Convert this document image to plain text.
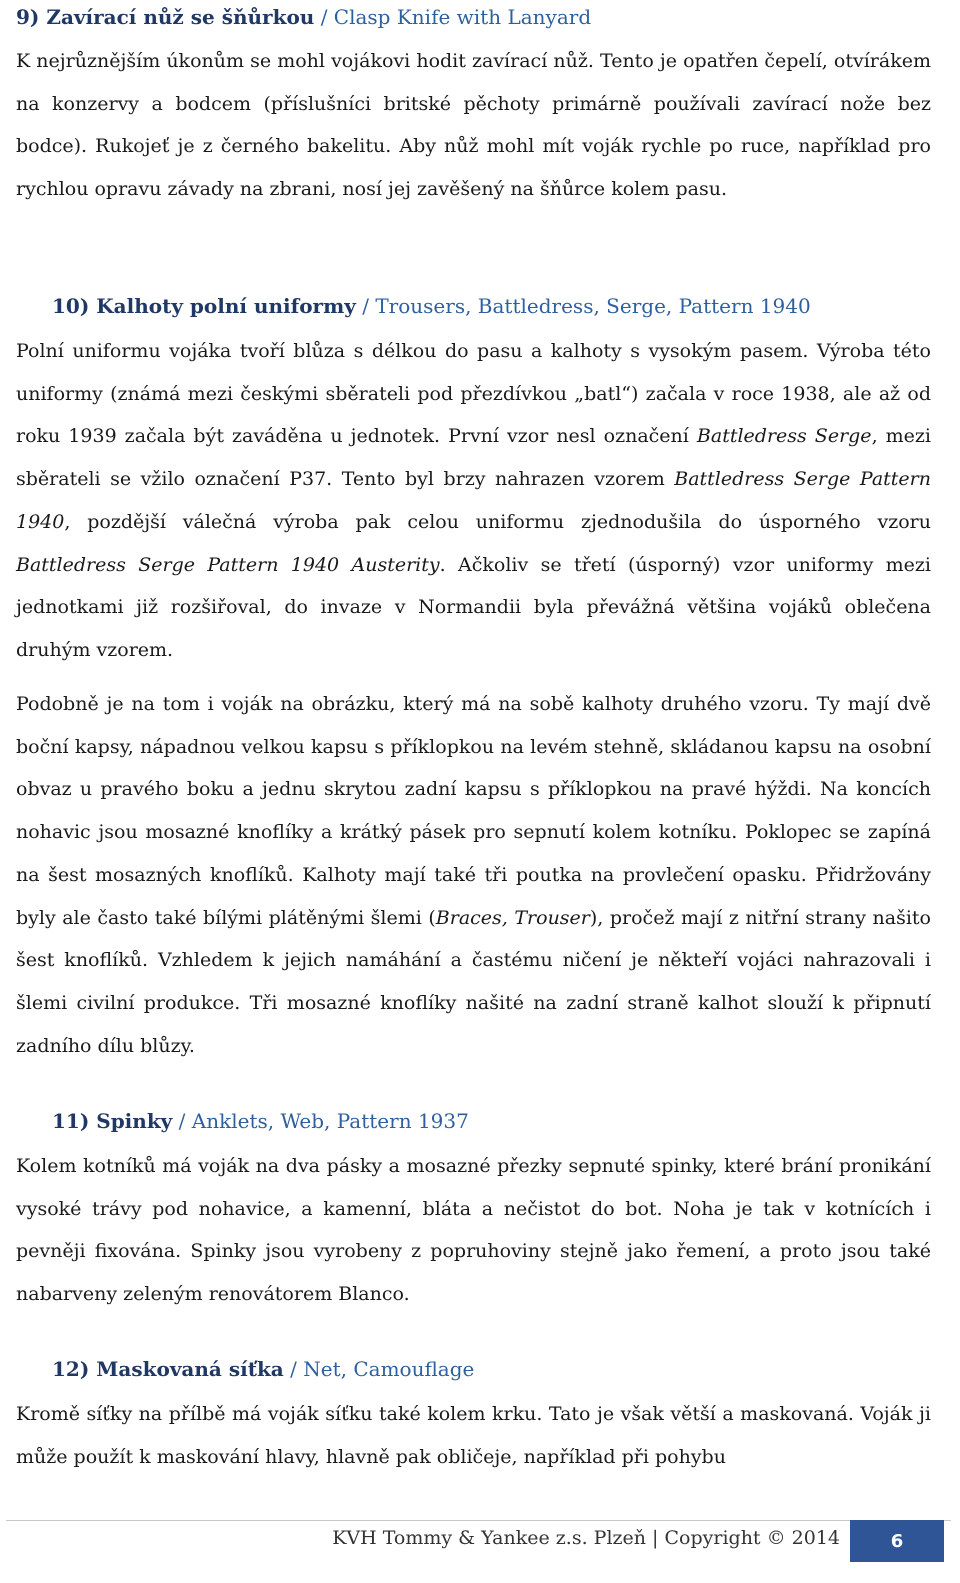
9) Zavírací nůž se šňůrkou / Clasp Knife with Lanyard

K nejrůznějším úkonům se mohl vojákovi hodit zavírací nůž. Tento je opatřen čepelí, otvírákem na konzervy a bodcem (příslušníci britské pěchoty primárně používali zavírací nože bez bodce). Rukojeť je z černého bakelitu. Aby nůž mohl mít voják rychle po ruce, například pro rychlou opravu závady na zbrani, nosí jej zavěšený na šňůrce kolem pasu.

10) Kalhoty polní uniformy / Trousers, Battledress, Serge, Pattern 1940

Polní uniformu vojáka tvoří blůza s délkou do pasu a kalhoty s vysokým pasem. Výroba této uniformy (známá mezi českými sběrateli pod přezdívkou „batl“) začala v roce 1938, ale až od roku 1939 začala být zaváděna u jednotek. První vzor nesl označení Battledress Serge, mezi sběrateli se vžilo označení P37. Tento byl brzy nahrazen vzorem Battledress Serge Pattern 1940, pozdější válečná výroba pak celou uniformu zjednodušila do úsporného vzoru Battledress Serge Pattern 1940 Austerity. Ačkoliv se třetí (úsporný) vzor uniformy mezi jednotkami již rozšiřoval, do invaze v Normandii byla převážná většina vojáků oblečena druhým vzorem.

Podobně je na tom i voják na obrázku, který má na sobě kalhoty druhého vzoru. Ty mají dvě boční kapsy, nápadnou velkou kapsu s příklopkou na levém stehně, skládanou kapsu na osobní obvaz u pravého boku a jednu skrytou zadní kapsu s příklopkou na pravé hýždi. Na koncích nohavic jsou mosazné knoflíky a krátký pásek pro sepnutí kolem kotníku. Poklopec se zapíná na šest mosazných knoflíků. Kalhoty mají také tři poutka na provlečení opasku. Přidržovány byly ale často také bílými plátěnými šlemi (Braces, Trouser), pročež mají z nitřní strany našito šest knoflíků. Vzhledem k jejich namáhání a častému ničení je někteří vojáci nahrazovali i šlemi civilní produkce. Tři mosazné knoflíky našité na zadní straně kalhot slouží k připnutí zadního dílu blůzy.

11) Spinky / Anklets, Web, Pattern 1937

Kolem kotníků má voják na dva pásky a mosazné přezky sepnuté spinky, které brání pronikání vysoké trávy pod nohavice, a kamenní, bláta a nečistot do bot. Noha je tak v kotnících i pevněji fixována. Spinky jsou vyrobeny z popruhoviny stejně jako řemení, a proto jsou také nabarveny zeleným renovátorem Blanco.

12) Maskovaná síťka / Net, Camouflage

Kromě síťky na přílbě má voják síťku také kolem krku. Tato je však větší a maskovaná. Voják ji může použít k maskování hlavy, hlavně pak obličeje, například při pohybu

KVH Tommy & Yankee z.s. Plzeň | Copyright © 2014	6
